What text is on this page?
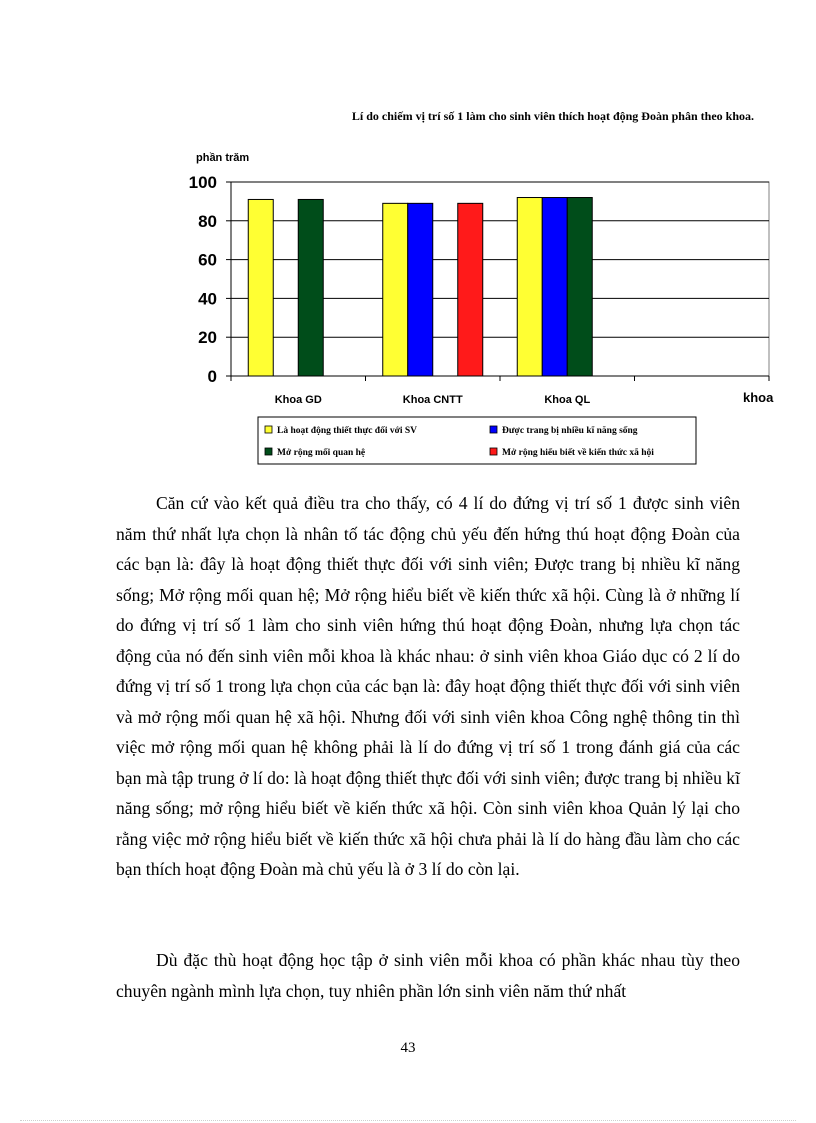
Lí do chiếm vị trí số 1 làm cho sinh viên thích hoạt động Đoàn phân theo khoa.
phần trăm
0
20
40
60
80
100
Khoa GD	Khoa CNTT	Khoa QL	khoa
Là hoạt động thiết thực đối với SV	Được trang bị nhiều kĩ năng sống
Mở rộng mối quan hệ	Mở rộng hiểu biết về kiến thức xã hội

Căn cứ vào kết quả điều tra cho thấy, có 4 lí do đứng vị trí số 1 được sinh viên năm thứ nhất lựa chọn là nhân tố tác động chủ yếu đến hứng thú hoạt động Đoàn của các bạn là: đây là hoạt động thiết thực đối với sinh viên; Được trang bị nhiều kĩ năng sống; Mở rộng mối quan hệ; Mở rộng hiểu biết về kiến thức xã hội. Cùng là ở những lí do đứng vị trí số 1 làm cho sinh viên hứng thú hoạt động Đoàn, nhưng lựa chọn tác động của nó đến sinh viên mỗi khoa là khác nhau: ở sinh viên khoa Giáo dục có 2 lí do đứng vị trí số 1 trong lựa chọn của các bạn là: đây hoạt động thiết thực đối với sinh viên và mở rộng mối quan hệ xã hội. Nhưng đối với sinh viên khoa Công nghệ thông tin thì việc mở rộng mối quan hệ không phải là lí do đứng vị trí số 1 trong đánh giá của các bạn mà tập trung ở lí do: là hoạt động thiết thực đối với sinh viên; được trang bị nhiều kĩ năng sống; mở rộng hiểu biết về kiến thức xã hội. Còn sinh viên khoa Quản lý lại cho rằng việc mở rộng hiểu biết về kiến thức xã hội chưa phải là lí do hàng đầu làm cho các bạn thích hoạt động Đoàn mà chủ yếu là ở 3 lí do còn lại.

Dù đặc thù hoạt động học tập ở sinh viên mỗi khoa có phần khác nhau tùy theo chuyên ngành mình lựa chọn, tuy nhiên phần lớn sinh viên năm thứ nhất

43
